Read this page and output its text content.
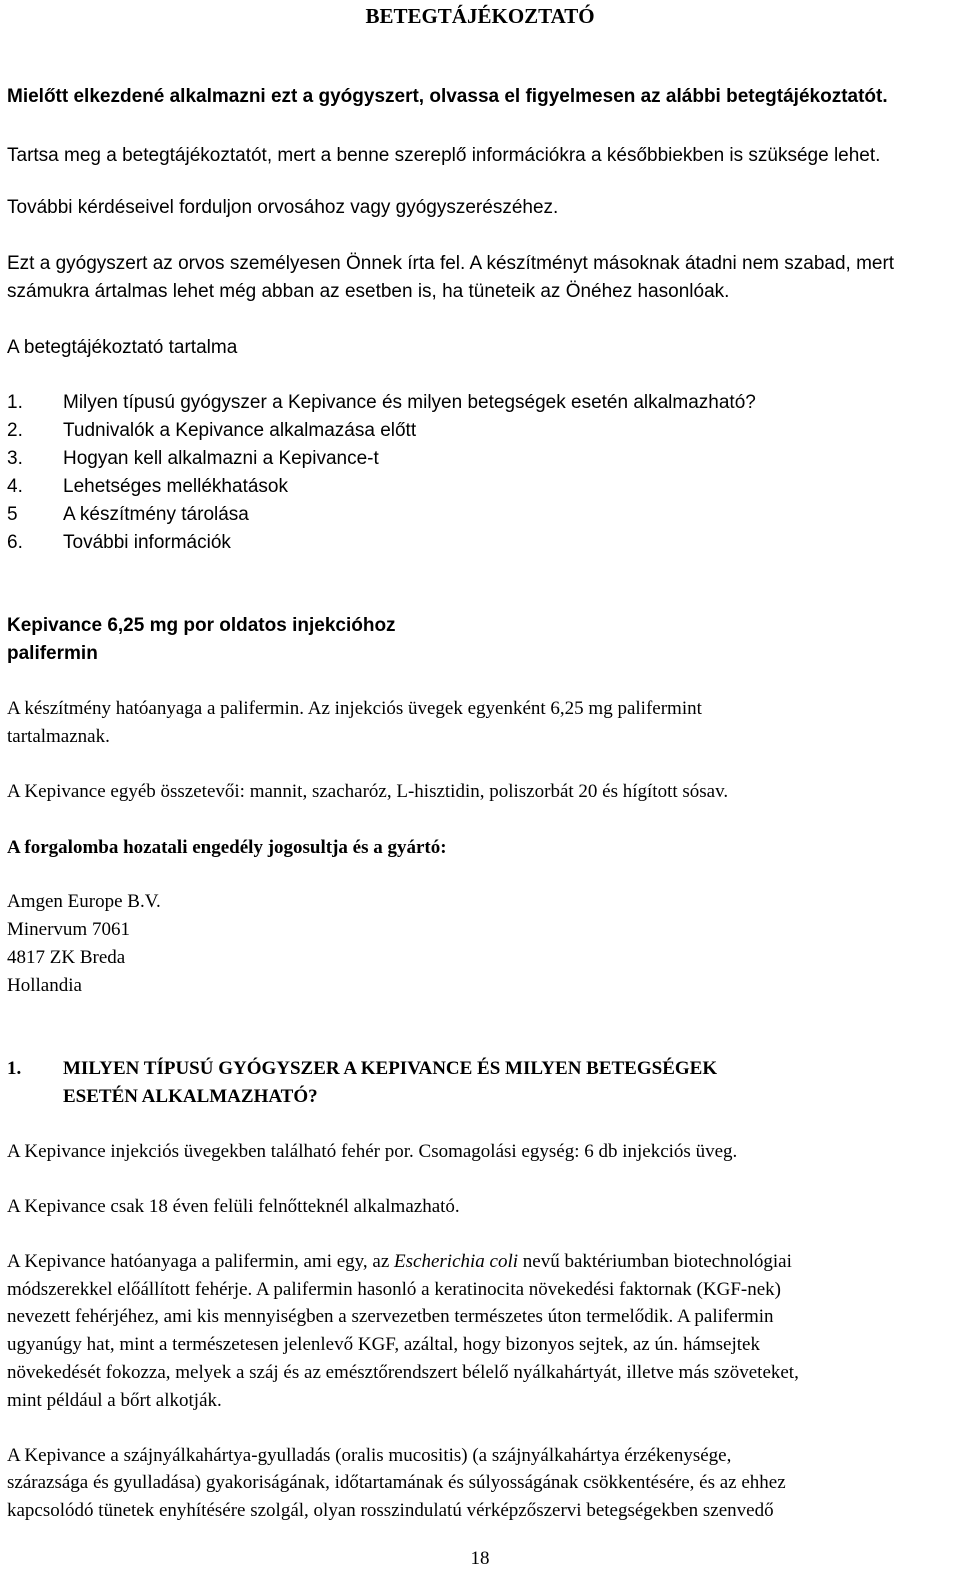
BETEGTÁJÉKOZTATÓ
Mielőtt elkezdené alkalmazni ezt a gyógyszert, olvassa el figyelmesen az alábbi betegtájékoztatót.
Tartsa meg a betegtájékoztatót, mert a benne szereplő információkra a későbbiekben is szüksége lehet.
További kérdéseivel forduljon orvosához vagy gyógyszerészéhez.
Ezt a gyógyszert az orvos személyesen Önnek írta fel. A készítményt másoknak átadni nem szabad, mert
számukra ártalmas lehet még abban az esetben is, ha tüneteik az Önéhez hasonlóak.
A betegtájékoztató tartalma
1. Milyen típusú gyógyszer a Kepivance és milyen betegségek esetén alkalmazható?
2. Tudnivalók a Kepivance alkalmazása előtt
3. Hogyan kell alkalmazni a Kepivance-t
4. Lehetséges mellékhatások
5 A készítmény tárolása
6. További információk
Kepivance 6,25 mg por oldatos injekcióhoz
palifermin
A készítmény hatóanyaga a palifermin. Az injekciós üvegek egyenként 6,25 mg palifermint
tartalmaznak.
A Kepivance egyéb összetevői: mannit, szacharóz, L-hisztidin, poliszorbát 20 és hígított sósav.
A forgalomba hozatali engedély jogosultja és a gyártó:
Amgen Europe B.V.
Minervum 7061
4817 ZK Breda
Hollandia
1. MILYEN TÍPUSÚ GYÓGYSZER A KEPIVANCE ÉS MILYEN BETEGSÉGEK
ESETÉN ALKALMAZHATÓ?
A Kepivance injekciós üvegekben található fehér por. Csomagolási egység: 6 db injekciós üveg.
A Kepivance csak 18 éven felüli felnőtteknél alkalmazható.
A Kepivance hatóanyaga a palifermin, ami egy, az Escherichia coli nevű baktériumban biotechnológiai
módszerekkel előállított fehérje. A palifermin hasonló a keratinocita növekedési faktornak (KGF-nek)
nevezett fehérjéhez, ami kis mennyiségben a szervezetben természetes úton termelődik. A palifermin
ugyanúgy hat, mint a természetesen jelenlevő KGF, azáltal, hogy bizonyos sejtek, az ún. hámsejtek
növekedését fokozza, melyek a száj és az emésztőrendszert bélelő nyálkahártyát, illetve más szöveteket,
mint például a bőrt alkotják.
A Kepivance a szájnyálkahártya-gyulladás (oralis mucositis) (a szájnyálkahártya érzékenysége,
szárazsága és gyulladása) gyakoriságának, időtartamának és súlyosságának csökkentésére, és az ehhez
kapcsolódó tünetek enyhítésére szolgál, olyan rosszindulatú vérképzőszervi betegségekben szenvedő
18
